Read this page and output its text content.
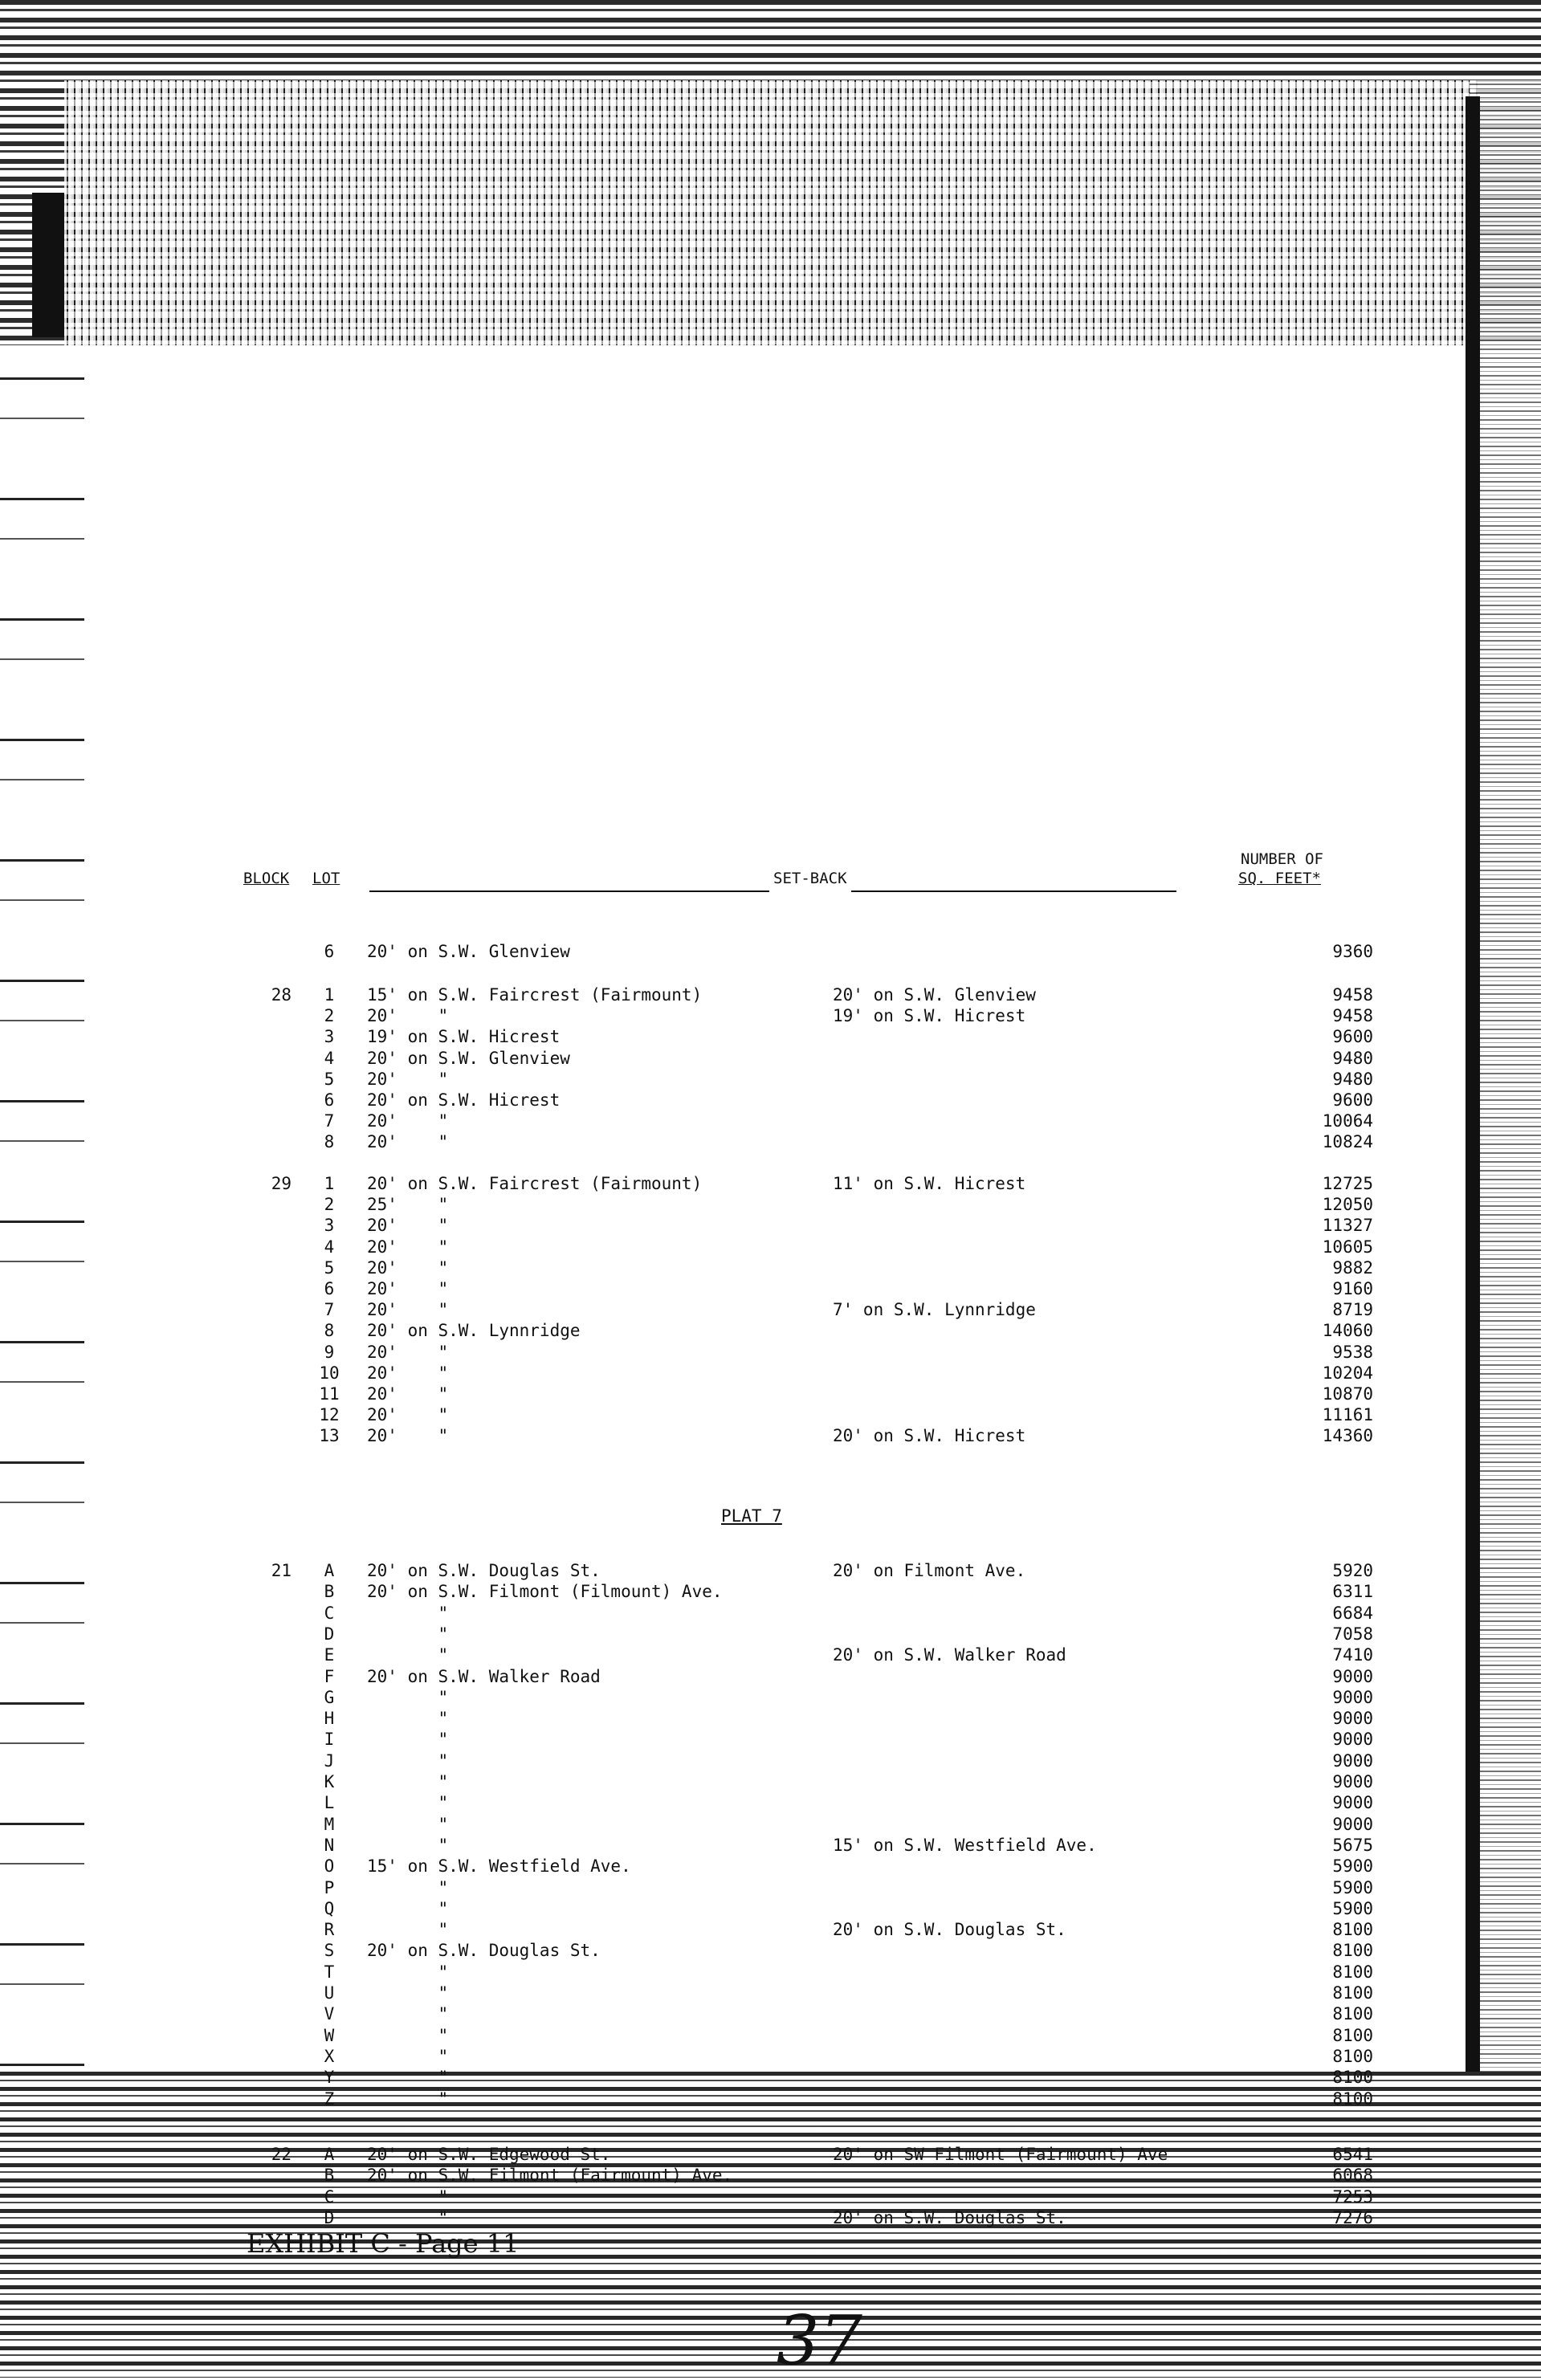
BLOCK LOT	SET-BACK
NUMBER OF
SQ. FEET*
6	20' on S.W. Glenview	9360
28	1	15' on S.W. Faircrest (Fairmount)	20' on S.W. Glenview	9458
2	20'    "	19' on S.W. Hicrest	9458
3	19' on S.W. Hicrest	9600
4	20' on S.W. Glenview	9480
5	20'    "	9480
6	20' on S.W. Hicrest	9600
7	20'    "	10064
8	20'    "	10824
29	1	20' on S.W. Faircrest (Fairmount)	11' on S.W. Hicrest	12725
2	25'    "	12050
3	20'    "	11327
4	20'    "	10605
5	20'    "	9882
6	20'    "	9160
7	20'    "	7' on S.W. Lynnridge	8719
8	20' on S.W. Lynnridge	14060
9	20'    "	9538
10	20'    "	10204
11	20'    "	10870
12	20'    "	11161
13	20'    "	20' on S.W. Hicrest	14360
PLAT 7
21	A	20' on S.W. Douglas St.	20' on Filmont Ave.	5920
B	20' on S.W. Filmont (Filmount) Ave.	6311
C	"	6684
D	"	7058
E	"	20' on S.W. Walker Road	7410
F	20' on S.W. Walker Road	9000
G	"	9000
H	"	9000
I	"	9000
J	"	9000
K	"	9000
L	"	9000
M	"	9000
N	"	15' on S.W. Westfield Ave.	5675
O	15' on S.W. Westfield Ave.	5900
P	"	5900
Q	"	5900
R	"	20' on S.W. Douglas St.	8100
S	20' on S.W. Douglas St.	8100
T	"	8100
U	"	8100
V	"	8100
W	"	8100
X	"	8100
Y	"	8100
Z	"	8100
22	A	20' on S.W. Edgewood St.	20' on SW Filmont (Fairmount) Ave	6541
B	20' on S.W. Filmont (Fairmount) Ave.	6068
C	"	7253
D	"	20' on S.W. Douglas St.	7276
EXHIBIT C - Page 11
37
